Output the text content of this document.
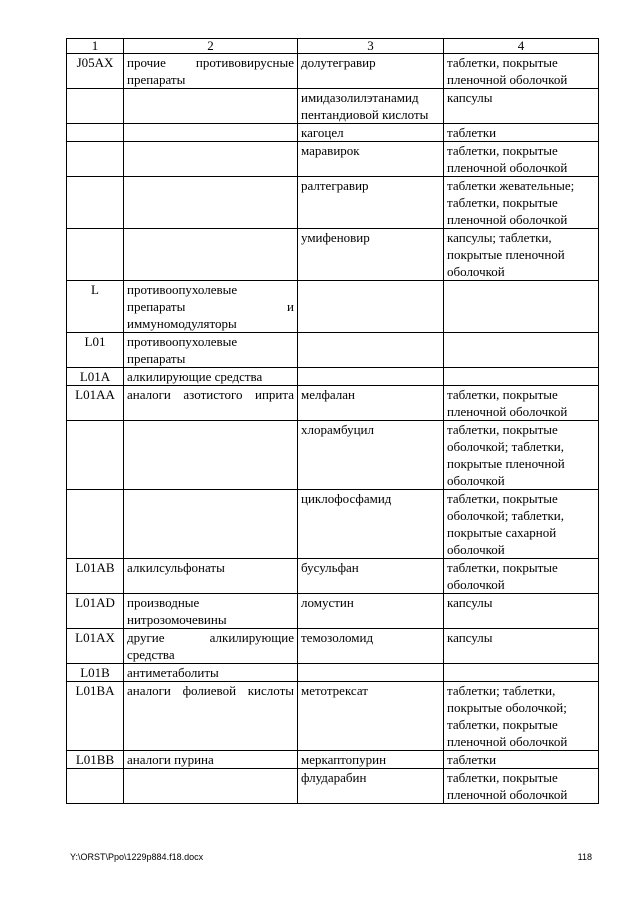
1	2	3	4
J05AX	прочие противовирусные препараты	долутегравир	таблетки, покрытые пленочной оболочкой
		имидазолилэтанамид пентандиовой кислоты	капсулы
		кагоцел	таблетки
		маравирок	таблетки, покрытые пленочной оболочкой
		ралтегравир	таблетки жевательные; таблетки, покрытые пленочной оболочкой
		умифеновир	капсулы; таблетки, покрытые пленочной оболочкой
L	противоопухолевые препараты и иммуномодуляторы		
L01	противоопухолевые препараты		
L01A	алкилирующие средства		
L01AA	аналоги азотистого иприта	мелфалан	таблетки, покрытые пленочной оболочкой
		хлорамбуцил	таблетки, покрытые оболочкой; таблетки, покрытые пленочной оболочкой
		циклофосфамид	таблетки, покрытые оболочкой; таблетки, покрытые сахарной оболочкой
L01AB	алкилсульфонаты	бусульфан	таблетки, покрытые оболочкой
L01AD	производные нитрозомочевины	ломустин	капсулы
L01AX	другие алкилирующие средства	темозоломид	капсулы
L01B	антиметаболиты		
L01BA	аналоги фолиевой кислоты	метотрексат	таблетки; таблетки, покрытые оболочкой; таблетки, покрытые пленочной оболочкой
L01BB	аналоги пурина	меркаптопурин	таблетки
		флударабин	таблетки, покрытые пленочной оболочкой
Y:\ORST\Ppo\1229p884.f18.docx	118
